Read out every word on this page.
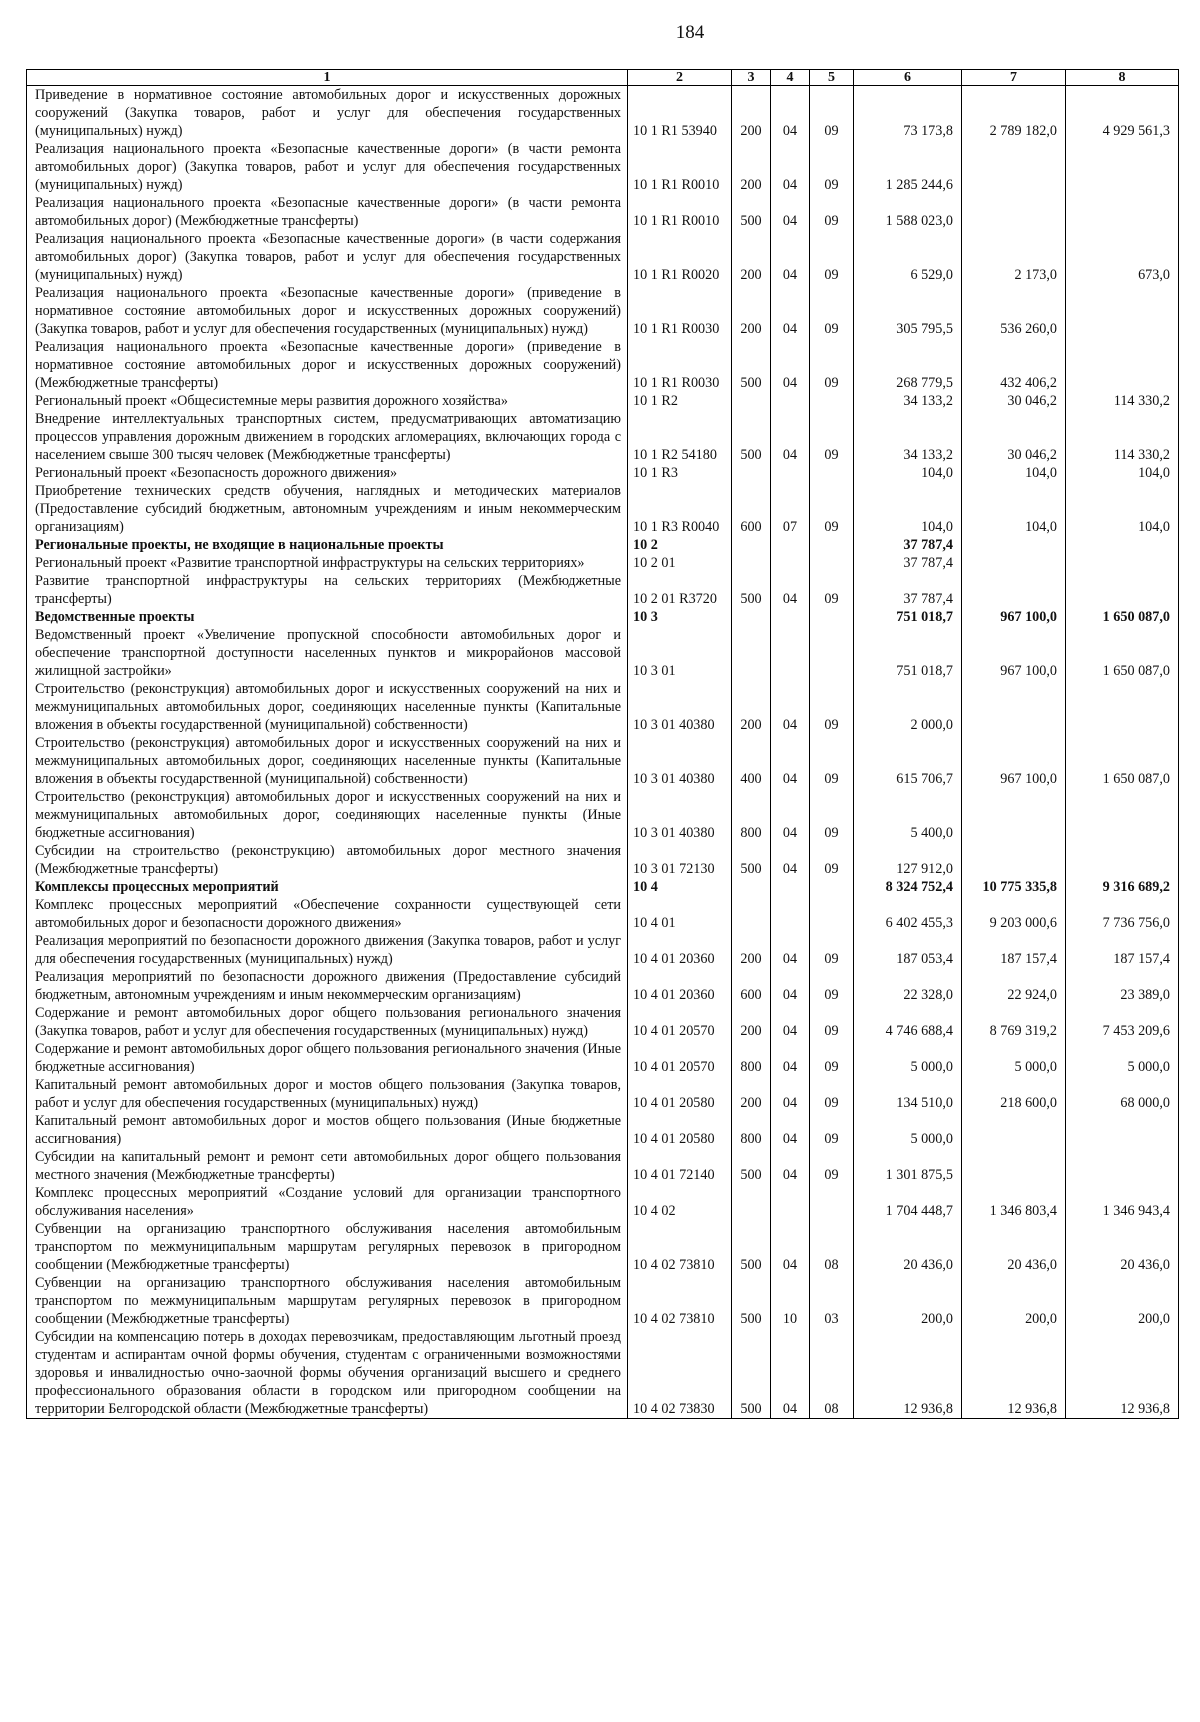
184
1	2	3	4	5	6	7	8
Приведение в нормативное состояние автомобильных дорог и искусственных дорожных сооружений (Закупка товаров, работ и услуг для обеспечения государственных (муниципальных) нужд)	10 1 R1 53940	200	04	09	73 173,8	2 789 182,0	4 929 561,3
Реализация национального проекта «Безопасные качественные дороги» (в части ремонта автомобильных дорог) (Закупка товаров, работ и услуг для обеспечения государственных (муниципальных) нужд)	10 1 R1 R0010	200	04	09	1 285 244,6		
Реализация национального проекта «Безопасные качественные дороги» (в части ремонта автомобильных дорог) (Межбюджетные трансферты)	10 1 R1 R0010	500	04	09	1 588 023,0		
Реализация национального проекта «Безопасные качественные дороги» (в части содержания автомобильных дорог) (Закупка товаров, работ и услуг для обеспечения государственных (муниципальных) нужд)	10 1 R1 R0020	200	04	09	6 529,0	2 173,0	673,0
Реализация национального проекта «Безопасные качественные дороги» (приведение в нормативное состояние автомобильных дорог и искусственных дорожных сооружений) (Закупка товаров, работ и услуг для обеспечения государственных (муниципальных) нужд)	10 1 R1 R0030	200	04	09	305 795,5	536 260,0	
Реализация национального проекта «Безопасные качественные дороги» (приведение в нормативное состояние автомобильных дорог и искусственных дорожных сооружений) (Межбюджетные трансферты)	10 1 R1 R0030	500	04	09	268 779,5	432 406,2	
Региональный проект «Общесистемные меры развития дорожного хозяйства»	10 1 R2				34 133,2	30 046,2	114 330,2
Внедрение интеллектуальных транспортных систем, предусматривающих автоматизацию процессов управления дорожным движением в городских агломерациях, включающих города с населением свыше 300 тысяч человек (Межбюджетные трансферты)	10 1 R2 54180	500	04	09	34 133,2	30 046,2	114 330,2
Региональный проект «Безопасность дорожного движения»	10 1 R3				104,0	104,0	104,0
Приобретение технических средств обучения, наглядных и методических материалов (Предоставление субсидий бюджетным, автономным учреждениям и иным некоммерческим организациям)	10 1 R3 R0040	600	07	09	104,0	104,0	104,0
Региональные проекты, не входящие в национальные проекты	10 2				37 787,4		
Региональный проект «Развитие транспортной инфраструктуры на сельских территориях»	10 2 01				37 787,4		
Развитие транспортной инфраструктуры на сельских территориях (Межбюджетные трансферты)	10 2 01 R3720	500	04	09	37 787,4		
Ведомственные проекты	10 3				751 018,7	967 100,0	1 650 087,0
Ведомственный проект «Увеличение пропускной способности автомобильных дорог и обеспечение транспортной доступности населенных пунктов и микрорайонов массовой жилищной застройки»	10 3 01				751 018,7	967 100,0	1 650 087,0
Строительство (реконструкция) автомобильных дорог и искусственных сооружений на них и межмуниципальных автомобильных дорог, соединяющих населенные пункты (Капитальные вложения в объекты государственной (муниципальной) собственности)	10 3 01 40380	200	04	09	2 000,0		
Строительство (реконструкция) автомобильных дорог и искусственных сооружений на них и межмуниципальных автомобильных дорог, соединяющих населенные пункты (Капитальные вложения в объекты государственной (муниципальной) собственности)	10 3 01 40380	400	04	09	615 706,7	967 100,0	1 650 087,0
Строительство (реконструкция) автомобильных дорог и искусственных сооружений на них и межмуниципальных автомобильных дорог, соединяющих населенные пункты (Иные бюджетные ассигнования)	10 3 01 40380	800	04	09	5 400,0		
Субсидии на строительство (реконструкцию) автомобильных дорог местного значения (Межбюджетные трансферты)	10 3 01 72130	500	04	09	127 912,0		
Комплексы процессных мероприятий	10 4				8 324 752,4	10 775 335,8	9 316 689,2
Комплекс процессных мероприятий «Обеспечение сохранности существующей сети автомобильных дорог и безопасности дорожного движения»	10 4 01				6 402 455,3	9 203 000,6	7 736 756,0
Реализация мероприятий по безопасности дорожного движения (Закупка товаров, работ и услуг для обеспечения государственных (муниципальных) нужд)	10 4 01 20360	200	04	09	187 053,4	187 157,4	187 157,4
Реализация мероприятий по безопасности дорожного движения (Предоставление субсидий бюджетным, автономным учреждениям и иным некоммерческим организациям)	10 4 01 20360	600	04	09	22 328,0	22 924,0	23 389,0
Содержание и ремонт автомобильных дорог общего пользования регионального значения (Закупка товаров, работ и услуг для обеспечения государственных (муниципальных) нужд)	10 4 01 20570	200	04	09	4 746 688,4	8 769 319,2	7 453 209,6
Содержание и ремонт автомобильных дорог общего пользования регионального значения (Иные бюджетные ассигнования)	10 4 01 20570	800	04	09	5 000,0	5 000,0	5 000,0
Капитальный ремонт автомобильных дорог и мостов общего пользования (Закупка товаров, работ и услуг для обеспечения государственных (муниципальных) нужд)	10 4 01 20580	200	04	09	134 510,0	218 600,0	68 000,0
Капитальный ремонт автомобильных дорог и мостов общего пользования (Иные бюджетные ассигнования)	10 4 01 20580	800	04	09	5 000,0		
Субсидии на капитальный ремонт и ремонт сети автомобильных дорог общего пользования местного значения (Межбюджетные трансферты)	10 4 01 72140	500	04	09	1 301 875,5		
Комплекс процессных мероприятий «Создание условий для организации транспортного обслуживания населения»	10 4 02				1 704 448,7	1 346 803,4	1 346 943,4
Субвенции на организацию транспортного обслуживания населения автомобильным транспортом по межмуниципальным маршрутам регулярных перевозок в пригородном сообщении (Межбюджетные трансферты)	10 4 02 73810	500	04	08	20 436,0	20 436,0	20 436,0
Субвенции на организацию транспортного обслуживания населения автомобильным транспортом по межмуниципальным маршрутам регулярных перевозок в пригородном сообщении (Межбюджетные трансферты)	10 4 02 73810	500	10	03	200,0	200,0	200,0
Субсидии на компенсацию потерь в доходах перевозчикам, предоставляющим льготный проезд студентам и аспирантам очной формы обучения, студентам с ограниченными возможностями здоровья и инвалидностью очно-заочной формы обучения организаций высшего и среднего профессионального образования области в городском или пригородном сообщении на территории Белгородской области (Межбюджетные трансферты)	10 4 02 73830	500	04	08	12 936,8	12 936,8	12 936,8
